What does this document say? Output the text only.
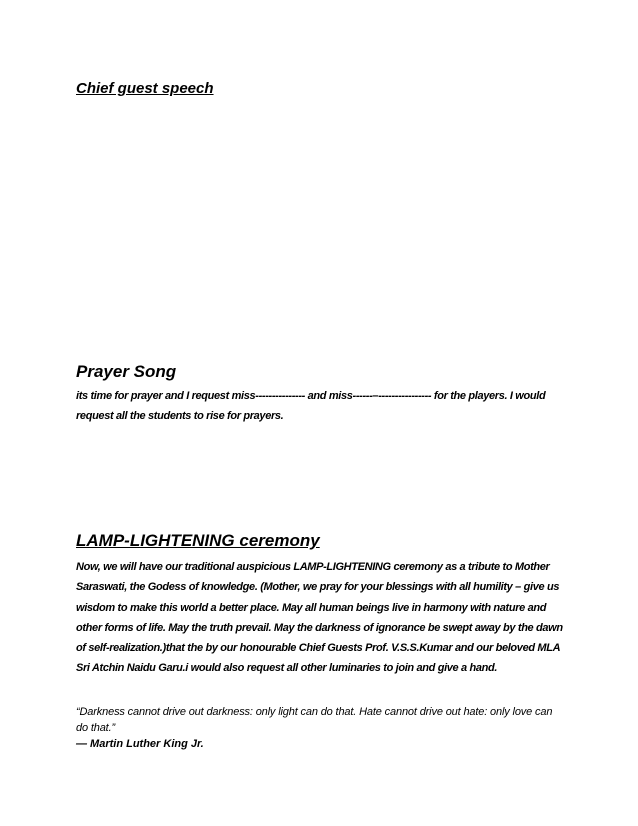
Chief guest speech
Prayer Song

its time for prayer and I request miss--------------- and miss------–---------------- for the players. I would request all the students to rise for prayers.

LAMP-LIGHTENING ceremony

Now, we will have our traditional auspicious LAMP-LIGHTENING ceremony as a tribute to Mother Saraswati, the Godess of knowledge. (Mother, we pray for your blessings with all humility – give us wisdom to make this world a better place. May all human beings live in harmony with nature and other forms of life. May the truth prevail. May the darkness of ignorance be swept away by the dawn of self-realization.)that the by our honourable Chief Guests Prof. V.S.S.Kumar and our beloved MLA Sri Atchin Naidu Garu.i would also request all other luminaries to join and give a hand.

“Darkness cannot drive out darkness: only light can do that. Hate cannot drive out hate: only love can do that.”

— Martin Luther King Jr.
